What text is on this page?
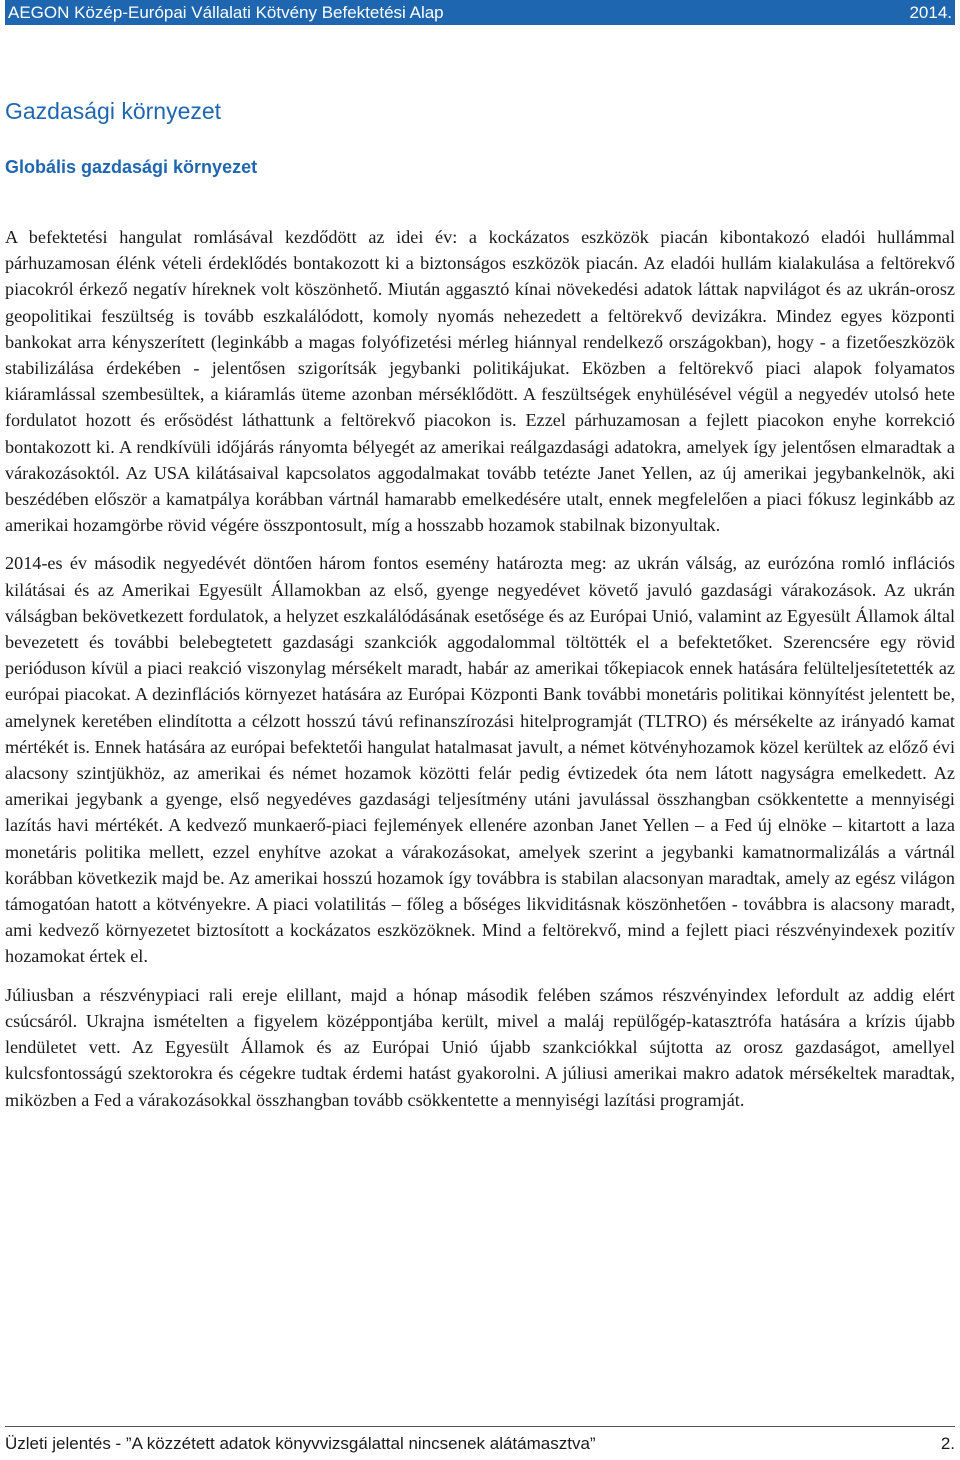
AEGON Közép-Európai Vállalati Kötvény Befektetési Alap	2014.
Gazdasági környezet
Globális gazdasági környezet

A befektetési hangulat romlásával kezdődött az idei év: a kockázatos eszközök piacán kibontakozó eladói hullámmal párhuzamosan élénk vételi érdeklődés bontakozott ki a biztonságos eszközök piacán. Az eladói hullám kialakulása a feltörekvő piacokról érkező negatív híreknek volt köszönhető. Miután aggasztó kínai növekedési adatok láttak napvilágot és az ukrán-orosz geopolitikai feszültség is tovább eszkalálódott, komoly nyomás nehezedett a feltörekvő devizákra. Mindez egyes központi bankokat arra kényszerített (leginkább a magas folyófizetési mérleg hiánnyal rendelkező országokban), hogy - a fizetőeszközök stabilizálása érdekében - jelentősen szigorítsák jegybanki politikájukat. Eközben a feltörekvő piaci alapok folyamatos kiáramlással szembesültek, a kiáramlás üteme azonban mérséklődött. A feszültségek enyhülésével végül a negyedév utolsó hete fordulatot hozott és erősödést láthattunk a feltörekvő piacokon is. Ezzel párhuzamosan a fejlett piacokon enyhe korrekció bontakozott ki. A rendkívüli időjárás rányomta bélyegét az amerikai reálgazdasági adatokra, amelyek így jelentősen elmaradtak a várakozásoktól. Az USA kilátásaival kapcsolatos aggodalmakat tovább tetézte Janet Yellen, az új amerikai jegybankelnök, aki beszédében először a kamatpálya korábban vártnál hamarabb emelkedésére utalt, ennek megfelelően a piaci fókusz leginkább az amerikai hozamgörbe rövid végére összpontosult, míg a hosszabb hozamok stabilnak bizonyultak.

2014-es év második negyedévét döntően három fontos esemény határozta meg: az ukrán válság, az eurózóna romló inflációs kilátásai és az Amerikai Egyesült Államokban az első, gyenge negyedévet követő javuló gazdasági várakozások. Az ukrán válságban bekövetkezett fordulatok, a helyzet eszkalálódásának esetősége és az Európai Unió, valamint az Egyesült Államok által bevezetett és további belebegtetett gazdasági szankciók aggodalommal töltötték el a befektetőket. Szerencsére egy rövid perióduson kívül a piaci reakció viszonylag mérsékelt maradt, habár az amerikai tőkepiacok ennek hatására felülteljesítetették az európai piacokat. A dezinflációs környezet hatására az Európai Központi Bank további monetáris politikai könnyítést jelentett be, amelynek keretében elindította a célzott hosszú távú refinanszírozási hitelprogramját (TLTRO) és mérsékelte az irányadó kamat mértékét is. Ennek hatására az európai befektetői hangulat hatalmasat javult, a német kötvényhozamok közel kerültek az előző évi alacsony szintjükhöz, az amerikai és német hozamok közötti felár pedig évtizedek óta nem látott nagyságra emelkedett. Az amerikai jegybank a gyenge, első negyedéves gazdasági teljesítmény utáni javulással összhangban csökkentette a mennyiségi lazítás havi mértékét. A kedvező munkaerő-piaci fejlemények ellenére azonban Janet Yellen – a Fed új elnöke – kitartott a laza monetáris politika mellett, ezzel enyhítve azokat a várakozásokat, amelyek szerint a jegybanki kamatnormalizálás a vártnál korábban következik majd be. Az amerikai hosszú hozamok így továbbra is stabilan alacsonyan maradtak, amely az egész világon támogatóan hatott a kötvényekre. A piaci volatilitás – főleg a bőséges likviditásnak köszönhetően - továbbra is alacsony maradt, ami kedvező környezetet biztosított a kockázatos eszközöknek. Mind a feltörekvő, mind a fejlett piaci részvényindexek pozitív hozamokat értek el.

Júliusban a részvénypiaci rali ereje elillant, majd a hónap második felében számos részvényindex lefordult az addig elért csúcsáról. Ukrajna ismételten a figyelem középpontjába került, mivel a maláj repülőgép-katasztrófa hatására a krízis újabb lendületet vett. Az Egyesült Államok és az Európai Unió újabb szankciókkal sújtotta az orosz gazdaságot, amellyel kulcsfontosságú szektorokra és cégekre tudtak érdemi hatást gyakorolni. A júliusi amerikai makro adatok mérsékeltek maradtak, miközben a Fed a várakozásokkal összhangban tovább csökkentette a mennyiségi lazítási programját.

Üzleti jelentés - ”A közzétett adatok könyvvizsgálattal nincsenek alátámasztva”	2.
